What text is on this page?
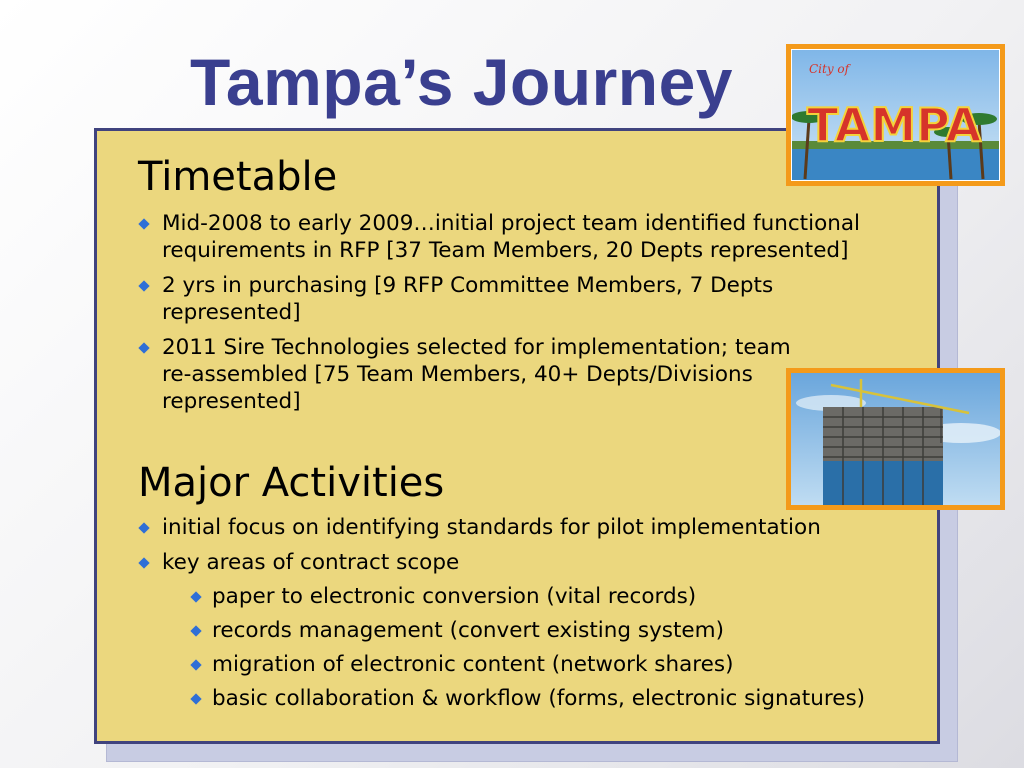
Tampa’s Journey
Timetable
Mid-2008 to early 2009…initial project team identified functional requirements in RFP [37 Team Members, 20 Depts represented]
2 yrs in purchasing [9 RFP Committee Members, 7 Depts represented]
2011 Sire Technologies selected for implementation; team re-assembled [75 Team Members, 40+ Depts/Divisions represented]
Major Activities
initial focus on identifying standards for pilot implementation
key areas of contract scope
paper to electronic conversion (vital records)
records management (convert existing system)
migration of electronic content (network shares)
basic collaboration & workflow (forms, electronic signatures)
TAMPA
City of
